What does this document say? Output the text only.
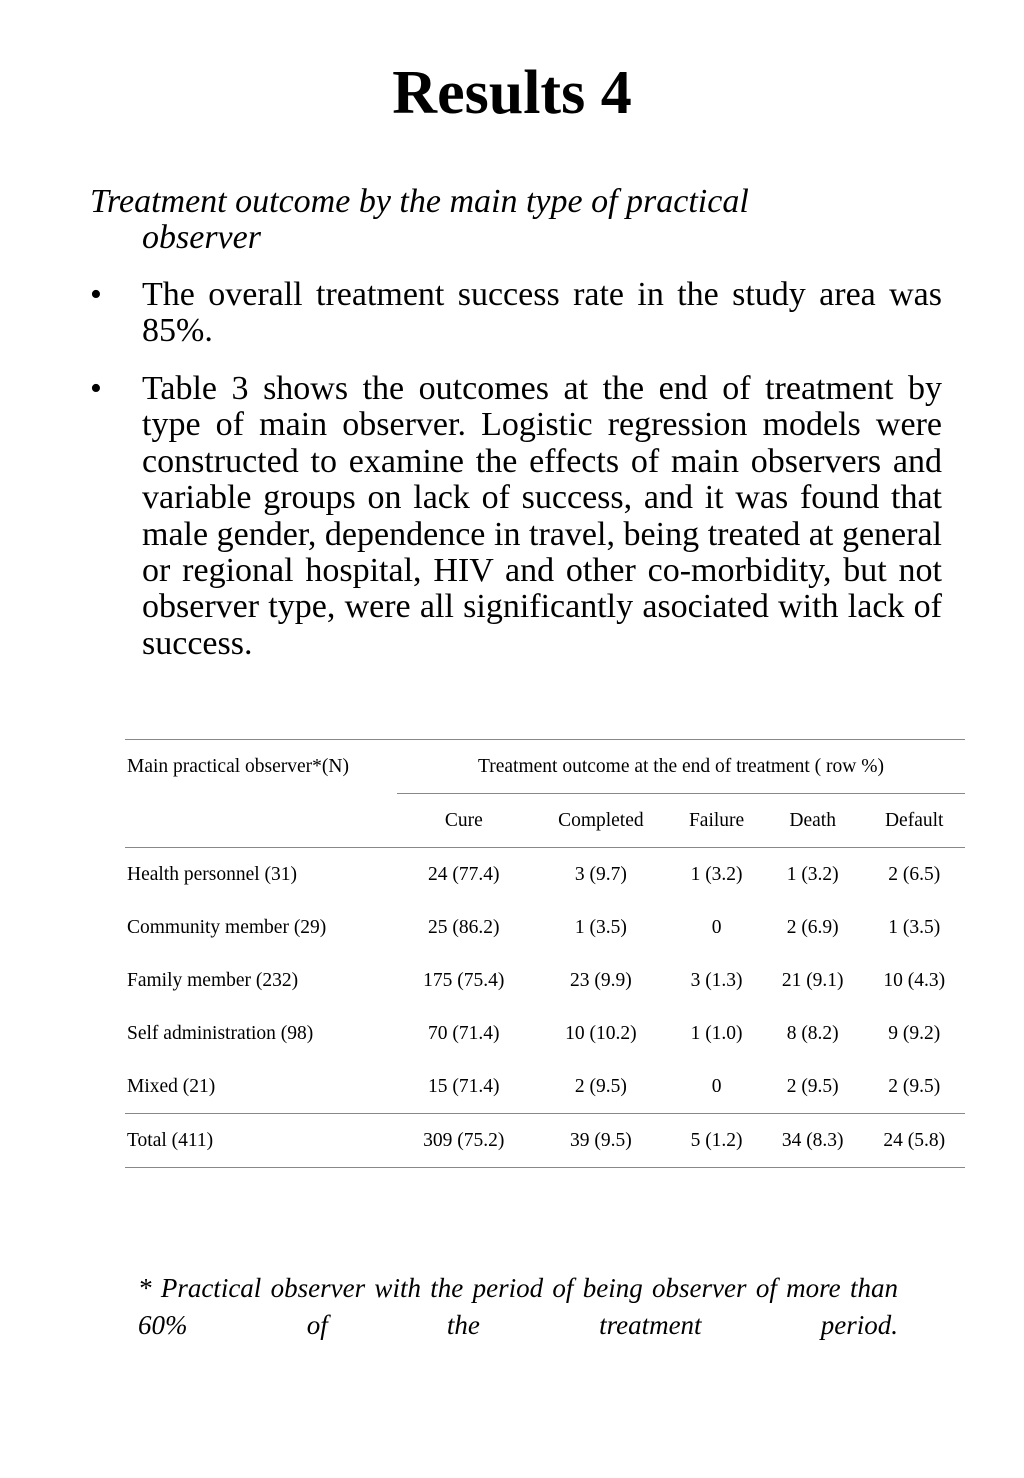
Results 4
Treatment outcome by the main type of practical
observer
•	The overall treatment success rate in the study area was 85%.
•	Table 3 shows the outcomes at the end of treatment by type of main observer. Logistic regression models were constructed to examine the effects of main observers and variable groups on lack of success, and it was found that male gender, dependence in travel, being treated at general or regional hospital, HIV and other co-morbidity, but not observer type, were all significantly asociated with lack of success.
Main practical observer*(N)	Treatment outcome at the end of treatment ( row %)				
	Cure	Completed	Failure	Death	Default
Health personnel (31)	24 (77.4)	3 (9.7)	1 (3.2)	1 (3.2)	2 (6.5)
Community member (29)	25 (86.2)	1 (3.5)	0	2 (6.9)	1 (3.5)
Family member (232)	175 (75.4)	23 (9.9)	3 (1.3)	21 (9.1)	10 (4.3)
Self administration (98)	70 (71.4)	10 (10.2)	1 (1.0)	8 (8.2)	9 (9.2)
Mixed (21)	15 (71.4)	2 (9.5)	0	2 (9.5)	2 (9.5)
Total (411)	309 (75.2)	39 (9.5)	5 (1.2)	34 (8.3)	24 (5.8)
* Practical observer with the period of being observer of more than 60% of the treatment period.
